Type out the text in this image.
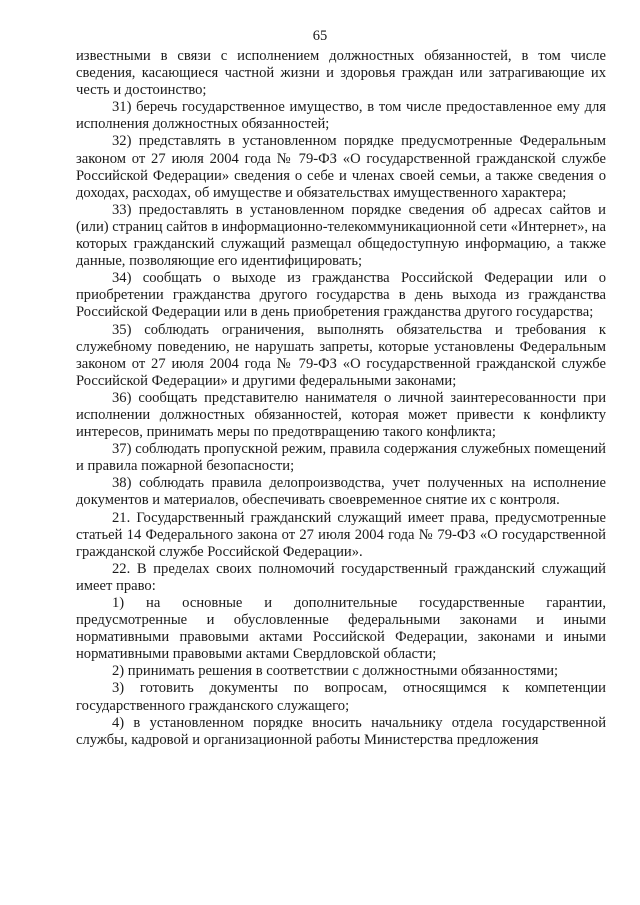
65

известными в связи с исполнением должностных обязанностей, в том числе сведения, касающиеся частной жизни и здоровья граждан или затрагивающие их честь и достоинство;

31) беречь государственное имущество, в том числе предоставленное ему для исполнения должностных обязанностей;

32) представлять в установленном порядке предусмотренные Федеральным законом от 27 июля 2004 года № 79-ФЗ «О государственной гражданской службе Российской Федерации» сведения о себе и членах своей семьи, а также сведения о доходах, расходах, об имуществе и обязательствах имущественного характера;

33) предоставлять в установленном порядке сведения об адресах сайтов и (или) страниц сайтов в информационно-телекоммуникационной сети «Интернет», на которых гражданский служащий размещал общедоступную информацию, а также данные, позволяющие его идентифицировать;

34) сообщать о выходе из гражданства Российской Федерации или о приобретении гражданства другого государства в день выхода из гражданства Российской Федерации или в день приобретения гражданства другого государства;

35) соблюдать ограничения, выполнять обязательства и требования к служебному поведению, не нарушать запреты, которые установлены Федеральным законом от 27 июля 2004 года № 79-ФЗ «О государственной гражданской службе Российской Федерации» и другими федеральными законами;

36) сообщать представителю нанимателя о личной заинтересованности при исполнении должностных обязанностей, которая может привести к конфликту интересов, принимать меры по предотвращению такого конфликта;

37) соблюдать пропускной режим, правила содержания служебных помещений и правила пожарной безопасности;

38) соблюдать правила делопроизводства, учет полученных на исполнение документов и материалов, обеспечивать своевременное снятие их с контроля.

21. Государственный гражданский служащий имеет права, предусмотренные статьей 14 Федерального закона от 27 июля 2004 года № 79-ФЗ «О государственной гражданской службе Российской Федерации».

22. В пределах своих полномочий государственный гражданский служащий имеет право:

1) на основные и дополнительные государственные гарантии, предусмотренные и обусловленные федеральными законами и иными нормативными правовыми актами Российской Федерации, законами и иными нормативными правовыми актами Свердловской области;

2) принимать решения в соответствии с должностными обязанностями;

3) готовить документы по вопросам, относящимся к компетенции государственного гражданского служащего;

4) в установленном порядке вносить начальнику отдела государственной службы, кадровой и организационной работы Министерства предложения
